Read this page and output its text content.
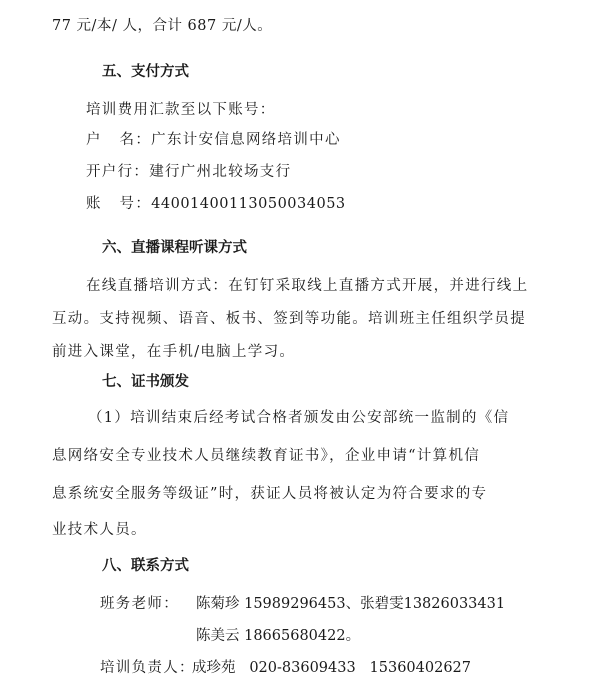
77 元/本/ 人，合计 687 元/人。
五、支付方式
培训费用汇款至以下账号：
户   名：广东计安信息网络培训中心
开户行：建行广州北较场支行
账   号：44001400113050034053
六、直播课程听课方式
在线直播培训方式：在钉钉采取线上直播方式开展，并进行线上
互动。支持视频、语音、板书、签到等功能。培训班主任组织学员提
前进入课堂，在手机/电脑上学习。
七、证书颁发
（1）培训结束后经考试合格者颁发由公安部统一监制的《信
息网络安全专业技术人员继续教育证书》，企业申请“计算机信
息系统安全服务等级证”时，获证人员将被认定为符合要求的专
业技术人员。
八、联系方式
班务老师： 陈菊珍 15989296453、张碧雯13826033431
陈美云 18665680422。
培训负责人：
成珍苑   020-83609433   15360402627
